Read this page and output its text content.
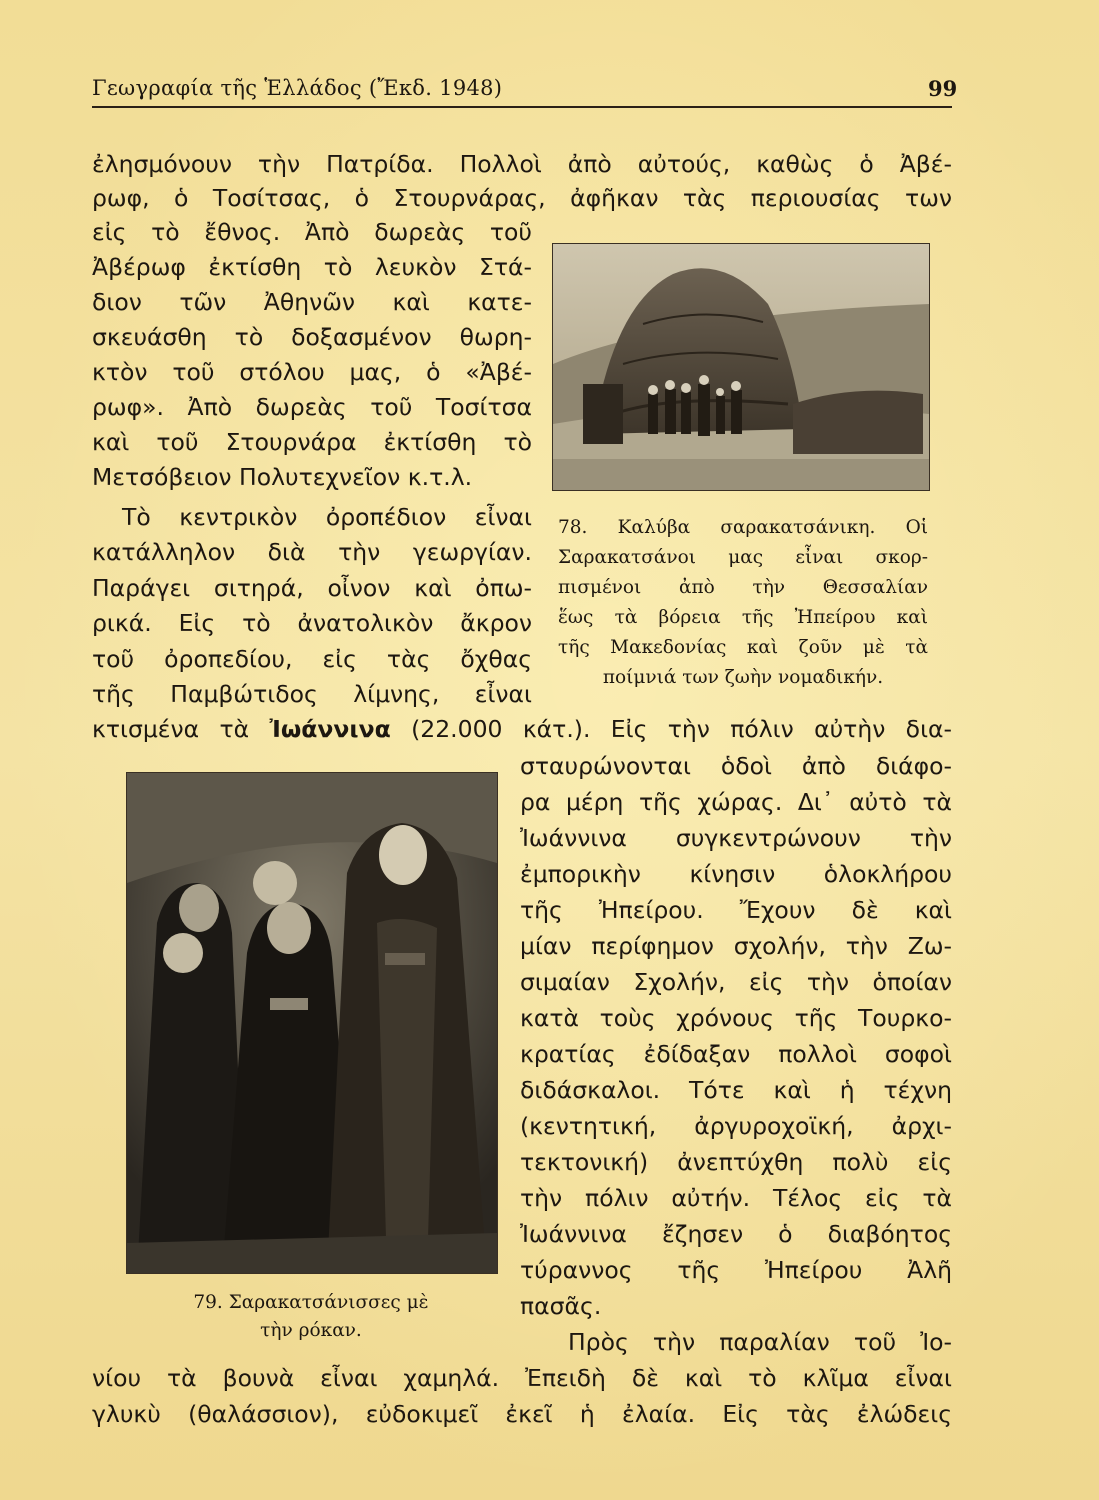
Γεωγραφία τῆς Ἑλλάδος (Ἔκδ. 1948)	99
ἐλησμόνουν τὴν Πατρίδα. Πολλοὶ ἀπὸ αὐτούς, καθὼς ὁ Ἀβέ-
ρωφ, ὁ Τοσίτσας, ὁ Στουρνάρας, ἀφῆκαν τὰς περιουσίας των
εἰς τὸ ἔθνος. Ἀπὸ δωρεὰς τοῦ
Ἀβέρωφ ἐκτίσθη τὸ λευκὸν Στά-
διον τῶν Ἀθηνῶν καὶ κατε-
σκευάσθη τὸ δοξασμένον θωρη-
κτὸν τοῦ στόλου μας, ὁ «Ἀβέ-
ρωφ». Ἀπὸ δωρεὰς τοῦ Τοσίτσα
καὶ τοῦ Στουρνάρα ἐκτίσθη τὸ
Μετσόβειον Πολυτεχνεῖον κ.τ.λ.
Τὸ κεντρικὸν ὀροπέδιον εἶναι
κατάλληλον διὰ τὴν γεωργίαν.
Παράγει σιτηρά, οἶνον καὶ ὀπω-
ρικά. Εἰς τὸ ἀνατολικὸν ἄκρον
τοῦ ὀροπεδίου, εἰς τὰς ὄχθας
τῆς Παμβώτιδος λίμνης, εἶναι
κτισμένα τὰ Ἰωάννινα (22.000 κάτ.). Εἰς τὴν πόλιν αὐτὴν δια-
σταυρώνονται ὁδοὶ ἀπὸ διάφο-
ρα μέρη τῆς χώρας. Δι᾿ αὐτὸ τὰ
Ἰωάννινα συγκεντρώνουν τὴν
ἐμπορικὴν κίνησιν ὁλοκλήρου
τῆς Ἠπείρου. Ἔχουν δὲ καὶ
μίαν περίφημον σχολήν, τὴν Ζω-
σιμαίαν Σχολήν, εἰς τὴν ὁποίαν
κατὰ τοὺς χρόνους τῆς Τουρκο-
κρατίας ἐδίδαξαν πολλοὶ σοφοὶ
διδάσκαλοι. Τότε καὶ ἡ τέχνη
(κεντητική, ἀργυροχοϊκή, ἀρχι-
τεκτονική) ἀνεπτύχθη πολὺ εἰς
τὴν πόλιν αὐτήν. Τέλος εἰς τὰ
Ἰωάννινα ἔζησεν ὁ διαβόητος
τύραννος τῆς Ἠπείρου Ἀλῆ
πασᾶς.
Πρὸς τὴν παραλίαν τοῦ Ἰο-
νίου τὰ βουνὰ εἶναι χαμηλά. Ἐπειδὴ δὲ καὶ τὸ κλῖμα εἶναι
γλυκὺ (θαλάσσιον), εὐδοκιμεῖ ἐκεῖ ἡ ἐλαία. Εἰς τὰς ἐλώδεις
78. Καλύβα σαρακατσάνικη. Οἱ
Σαρακατσάνοι μας εἶναι σκορ-
πισμένοι ἀπὸ τὴν Θεσσαλίαν
ἕως τὰ βόρεια τῆς Ἠπείρου καὶ
τῆς Μακεδονίας καὶ ζοῦν μὲ τὰ
ποίμνιά των ζωὴν νομαδικήν.
79. Σαρακατσάνισσες μὲ
τὴν ρόκαν.
